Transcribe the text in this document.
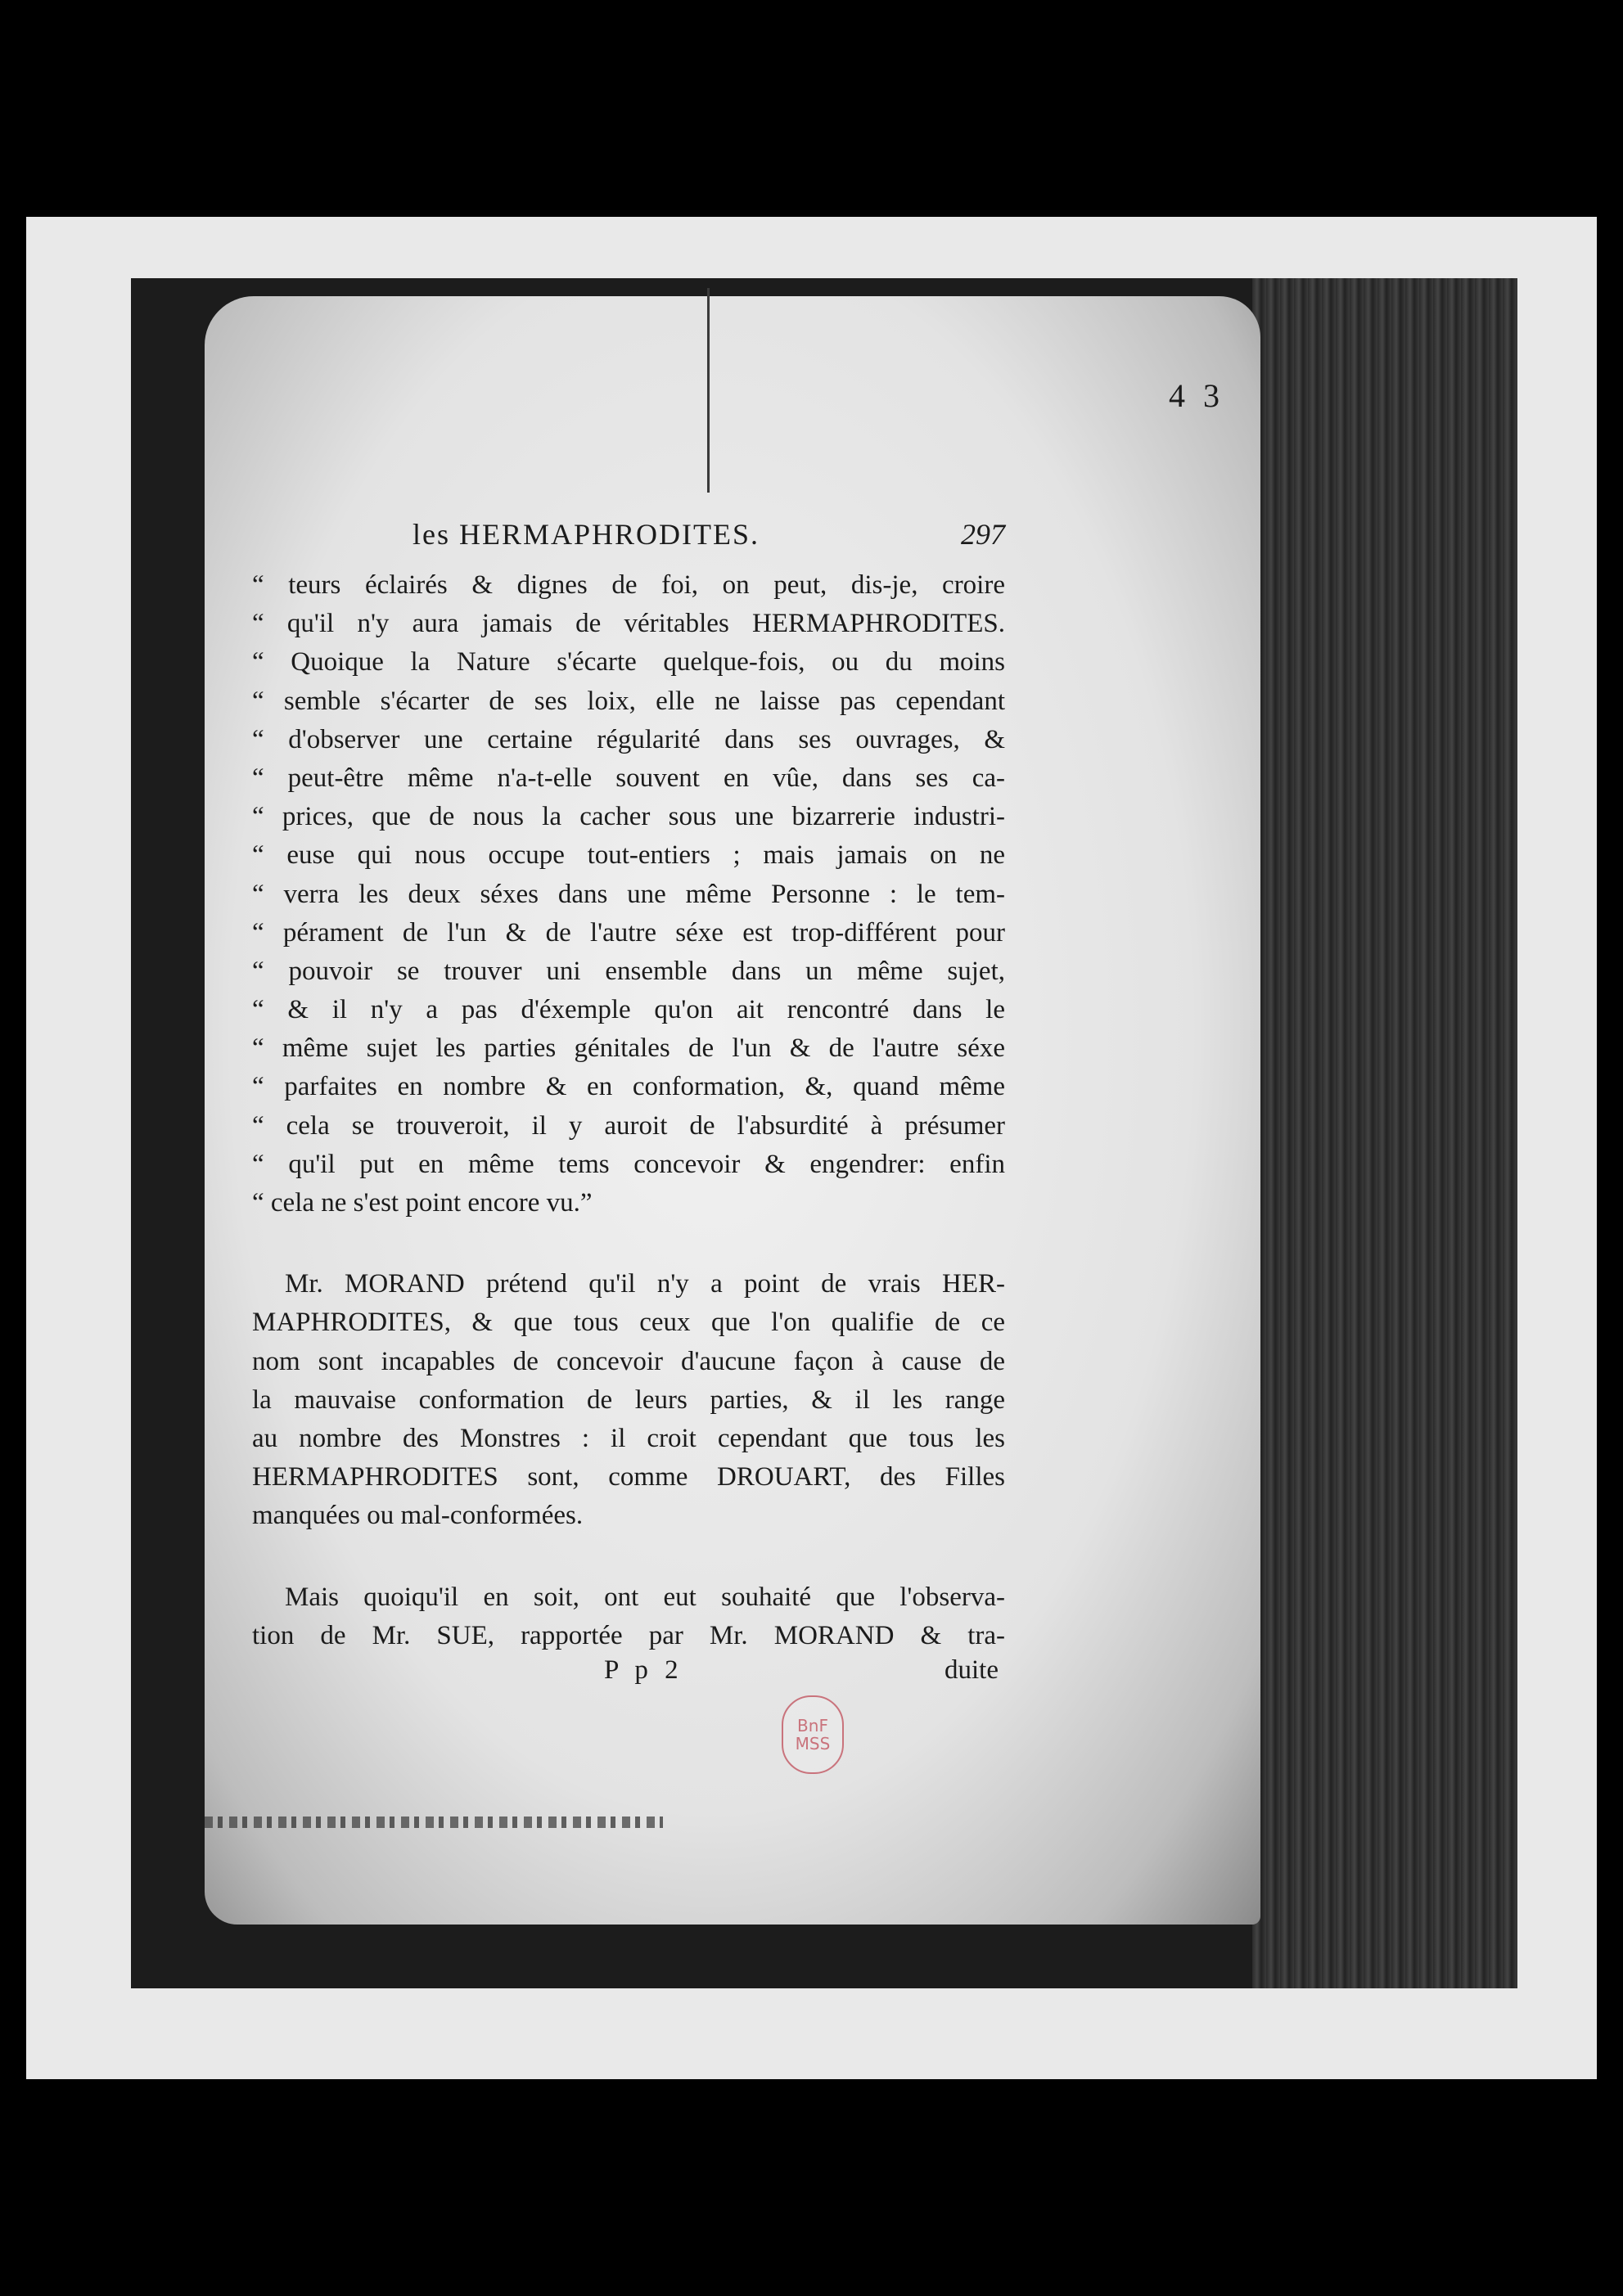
4 3
les HERMAPHRODITES.	297
“ teurs éclairés & dignes de foi, on peut, dis-je, croire
“ qu'il n'y aura jamais de véritables HERMAPHRODITES.
“ Quoique la Nature s'écarte quelque-fois, ou du moins
“ semble s'écarter de ses loix, elle ne laisse pas cependant
“ d'observer une certaine régularité dans ses ouvrages, &
“ peut-être même n'a-t-elle souvent en vûe, dans ses ca-
“ prices, que de nous la cacher sous une bizarrerie industri-
“ euse qui nous occupe tout-entiers ; mais jamais on ne
“ verra les deux séxes dans une même Personne : le tem-
“ pérament de l'un & de l'autre séxe est trop-différent pour
“ pouvoir se trouver uni ensemble dans un même sujet,
“ & il n'y a pas d'éxemple qu'on ait rencontré dans le
“ même sujet les parties génitales de l'un & de l'autre séxe
“ parfaites en nombre & en conformation, &, quand même
“ cela se trouveroit, il y auroit de l'absurdité à présumer
“ qu'il put en même tems concevoir & engendrer: enfin
“ cela ne s'est point encore vu.”
Mr. MORAND prétend qu'il n'y a point de vrais HER-
MAPHRODITES, & que tous ceux que l'on qualifie de ce
nom sont incapables de concevoir d'aucune façon à cause de
la mauvaise conformation de leurs parties, & il les range
au nombre des Monstres : il croit cependant que tous les
HERMAPHRODITES sont, comme DROUART, des Filles
manquées ou mal-conformées.
Mais quoiqu'il en soit, ont eut souhaité que l'observa-
tion de Mr. SUE, rapportée par Mr. MORAND & tra-
P p 2	duite
BnF
MSS
